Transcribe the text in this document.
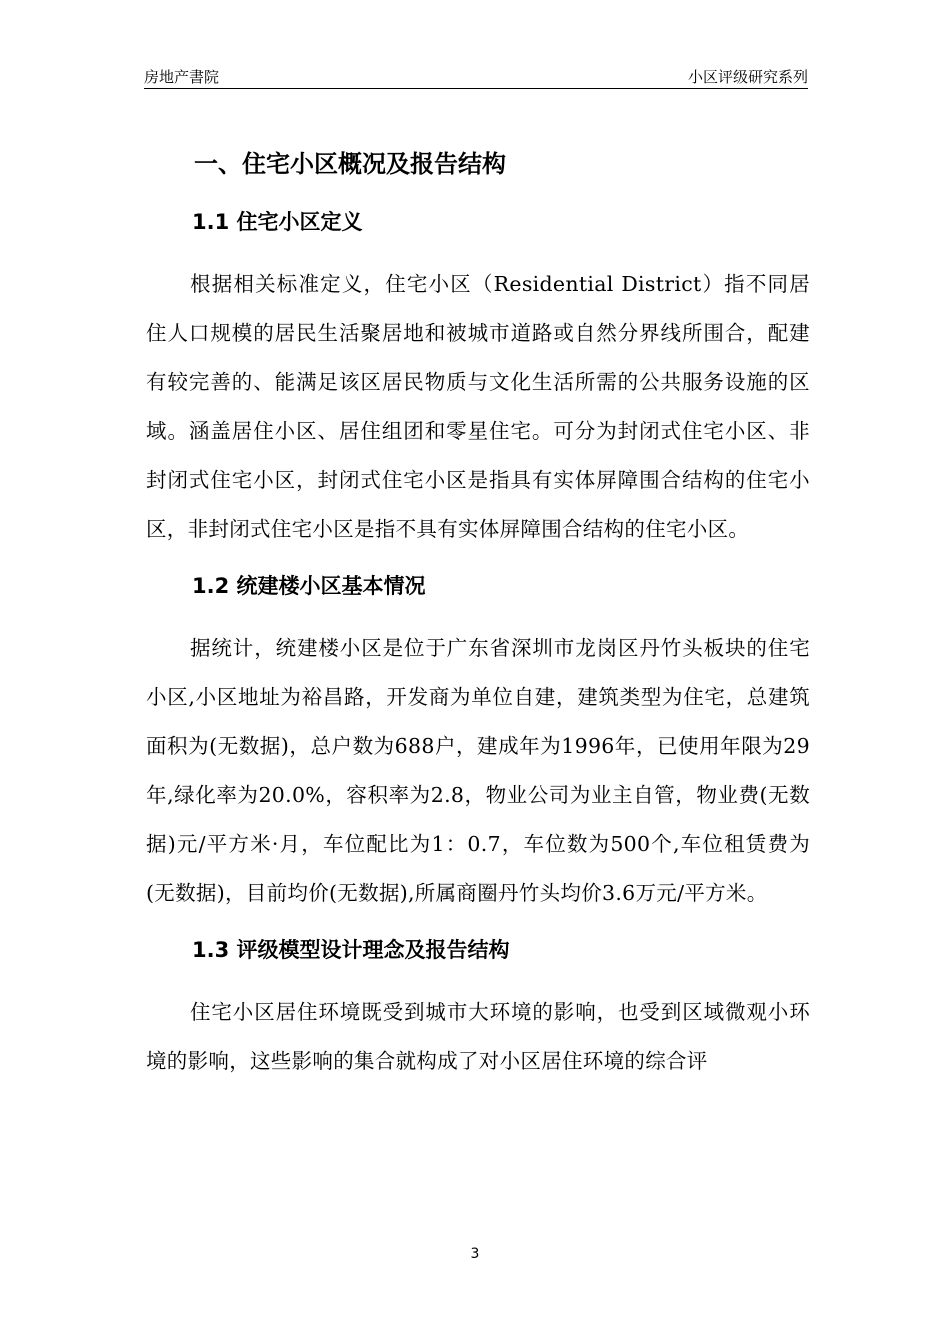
房地产書院	小区评级研究系列
一、住宅小区概况及报告结构
1.1 住宅小区定义

根据相关标准定义，住宅小区（Residential District）指不同居住人口规模的居民生活聚居地和被城市道路或自然分界线所围合，配建有较完善的、能满足该区居民物质与文化生活所需的公共服务设施的区域。涵盖居住小区、居住组团和零星住宅。可分为封闭式住宅小区、非封闭式住宅小区，封闭式住宅小区是指具有实体屏障围合结构的住宅小区，非封闭式住宅小区是指不具有实体屏障围合结构的住宅小区。

1.2 统建楼小区基本情况

据统计，统建楼小区是位于广东省深圳市龙岗区丹竹头板块的住宅小区,小区地址为裕昌路，开发商为单位自建，建筑类型为住宅，总建筑面积为(无数据)，总户数为688户，建成年为1996年，已使用年限为29年,绿化率为20.0%，容积率为2.8，物业公司为业主自管，物业费(无数据)元/平方米·月，车位配比为1：0.7，车位数为500个,车位租赁费为(无数据)，目前均价(无数据),所属商圈丹竹头均价3.6万元/平方米。

1.3 评级模型设计理念及报告结构

住宅小区居住环境既受到城市大环境的影响，也受到区域微观小环境的影响，这些影响的集合就构成了对小区居住环境的综合评

3
